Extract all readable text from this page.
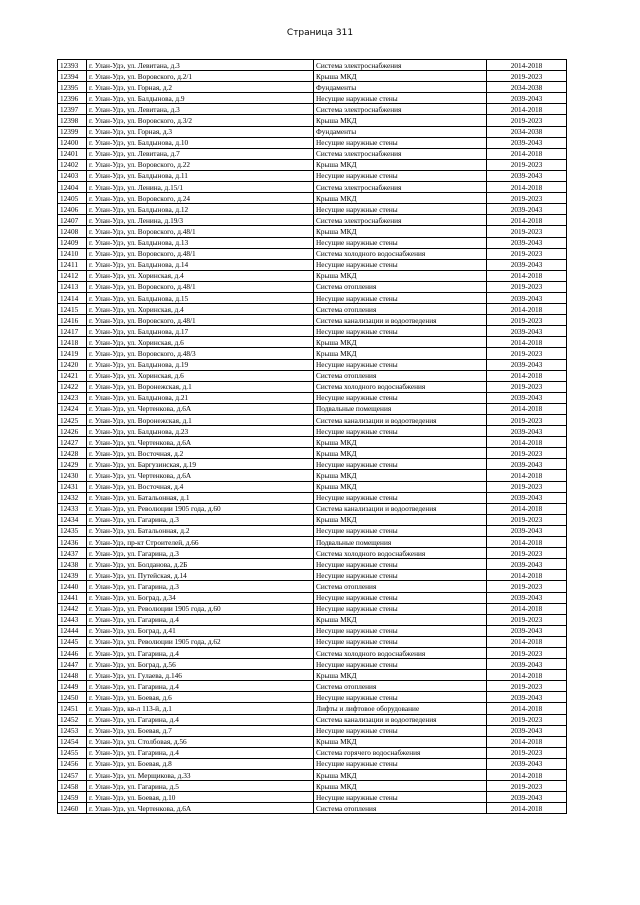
Страница 311
12393	г. Улан-Удэ, ул. Левитана, д.3	Система электроснабжения	2014-2018
12394	г. Улан-Удэ, ул. Воровского, д.2/1	Крыша МКД	2019-2023
12395	г. Улан-Удэ, ул. Горная, д.2	Фундаменты	2034-2038
12396	г. Улан-Удэ, ул. Балдынова, д.9	Несущие наружные стены	2039-2043
12397	г. Улан-Удэ, ул. Левитана, д.3	Система электроснабжения	2014-2018
12398	г. Улан-Удэ, ул. Воровского, д.3/2	Крыша МКД	2019-2023
12399	г. Улан-Удэ, ул. Горная, д.3	Фундаменты	2034-2038
12400	г. Улан-Удэ, ул. Балдынова, д.10	Несущие наружные стены	2039-2043
12401	г. Улан-Удэ, ул. Левитана, д.7	Система электроснабжения	2014-2018
12402	г. Улан-Удэ, ул. Воровского, д.22	Крыша МКД	2019-2023
12403	г. Улан-Удэ, ул. Балдынова, д.11	Несущие наружные стены	2039-2043
12404	г. Улан-Удэ, ул. Ленина, д.15/1	Система электроснабжения	2014-2018
12405	г. Улан-Удэ, ул. Воровского, д.24	Крыша МКД	2019-2023
12406	г. Улан-Удэ, ул. Балдынова, д.12	Несущие наружные стены	2039-2043
12407	г. Улан-Удэ, ул. Ленина, д.19/3	Система электроснабжения	2014-2018
12408	г. Улан-Удэ, ул. Воровского, д.48/1	Крыша МКД	2019-2023
12409	г. Улан-Удэ, ул. Балдынова, д.13	Несущие наружные стены	2039-2043
12410	г. Улан-Удэ, ул. Воровского, д.48/1	Система холодного водоснабжения	2019-2023
12411	г. Улан-Удэ, ул. Балдынова, д.14	Несущие наружные стены	2039-2043
12412	г. Улан-Удэ, ул. Хоринская, д.4	Крыша МКД	2014-2018
12413	г. Улан-Удэ, ул. Воровского, д.48/1	Система отопления	2019-2023
12414	г. Улан-Удэ, ул. Балдынова, д.15	Несущие наружные стены	2039-2043
12415	г. Улан-Удэ, ул. Хоринская, д.4	Система отопления	2014-2018
12416	г. Улан-Удэ, ул. Воровского, д.48/1	Система канализации и водоотведения	2019-2023
12417	г. Улан-Удэ, ул. Балдынова, д.17	Несущие наружные стены	2039-2043
12418	г. Улан-Удэ, ул. Хоринская, д.6	Крыша МКД	2014-2018
12419	г. Улан-Удэ, ул. Воровского, д.48/3	Крыша МКД	2019-2023
12420	г. Улан-Удэ, ул. Балдынова, д.19	Несущие наружные стены	2039-2043
12421	г. Улан-Удэ, ул. Хоринская, д.6	Система отопления	2014-2018
12422	г. Улан-Удэ, ул. Воронежская, д.1	Система холодного водоснабжения	2019-2023
12423	г. Улан-Удэ, ул. Балдынова, д.21	Несущие наружные стены	2039-2043
12424	г. Улан-Удэ, ул. Чертенкова, д.6А	Подвальные помещения	2014-2018
12425	г. Улан-Удэ, ул. Воронежская, д.1	Система канализации и водоотведения	2019-2023
12426	г. Улан-Удэ, ул. Балдынова, д.23	Несущие наружные стены	2039-2043
12427	г. Улан-Удэ, ул. Чертенкова, д.6А	Крыша МКД	2014-2018
12428	г. Улан-Удэ, ул. Восточная, д.2	Крыша МКД	2019-2023
12429	г. Улан-Удэ, ул. Баргузинская, д.19	Несущие наружные стены	2039-2043
12430	г. Улан-Удэ, ул. Чертенкова, д.6А	Крыша МКД	2014-2018
12431	г. Улан-Удэ, ул. Восточная, д.4	Крыша МКД	2019-2023
12432	г. Улан-Удэ, ул. Батальонная, д.1	Несущие наружные стены	2039-2043
12433	г. Улан-Удэ, ул. Революции 1905 года, д.60	Система канализации и водоотведения	2014-2018
12434	г. Улан-Удэ, ул. Гагарина, д.3	Крыша МКД	2019-2023
12435	г. Улан-Удэ, ул. Батальонная, д.2	Несущие наружные стены	2039-2043
12436	г. Улан-Удэ, пр-кт Строителей, д.66	Подвальные помещения	2014-2018
12437	г. Улан-Удэ, ул. Гагарина, д.3	Система холодного водоснабжения	2019-2023
12438	г. Улан-Удэ, ул. Болданова, д.2Б	Несущие наружные стены	2039-2043
12439	г. Улан-Удэ, ул. Путейская, д.14	Несущие наружные стены	2014-2018
12440	г. Улан-Удэ, ул. Гагарина, д.3	Система отопления	2019-2023
12441	г. Улан-Удэ, ул. Боград, д.34	Несущие наружные стены	2039-2043
12442	г. Улан-Удэ, ул. Революции 1905 года, д.60	Несущие наружные стены	2014-2018
12443	г. Улан-Удэ, ул. Гагарина, д.4	Крыша МКД	2019-2023
12444	г. Улан-Удэ, ул. Боград, д.41	Несущие наружные стены	2039-2043
12445	г. Улан-Удэ, ул. Революции 1905 года, д.62	Несущие наружные стены	2014-2018
12446	г. Улан-Удэ, ул. Гагарина, д.4	Система холодного водоснабжения	2019-2023
12447	г. Улан-Удэ, ул. Боград, д.56	Несущие наружные стены	2039-2043
12448	г. Улан-Удэ, ул. Гулаева, д.146	Крыша МКД	2014-2018
12449	г. Улан-Удэ, ул. Гагарина, д.4	Система отопления	2019-2023
12450	г. Улан-Удэ, ул. Боевая, д.6	Несущие наружные стены	2039-2043
12451	г. Улан-Удэ, кв-л 113-й, д.1	Лифты и лифтовое оборудование	2014-2018
12452	г. Улан-Удэ, ул. Гагарина, д.4	Система канализации и водоотведения	2019-2023
12453	г. Улан-Удэ, ул. Боевая, д.7	Несущие наружные стены	2039-2043
12454	г. Улан-Удэ, ул. Столбовая, д.56	Крыша МКД	2014-2018
12455	г. Улан-Удэ, ул. Гагарина, д.4	Система горячего водоснабжения	2019-2023
12456	г. Улан-Удэ, ул. Боевая, д.8	Несущие наружные стены	2039-2043
12457	г. Улан-Удэ, ул. Мерщикова, д.33	Крыша МКД	2014-2018
12458	г. Улан-Удэ, ул. Гагарина, д.5	Крыша МКД	2019-2023
12459	г. Улан-Удэ, ул. Боевая, д.10	Несущие наружные стены	2039-2043
12460	г. Улан-Удэ, ул. Чертенкова, д.6А	Система отопления	2014-2018
